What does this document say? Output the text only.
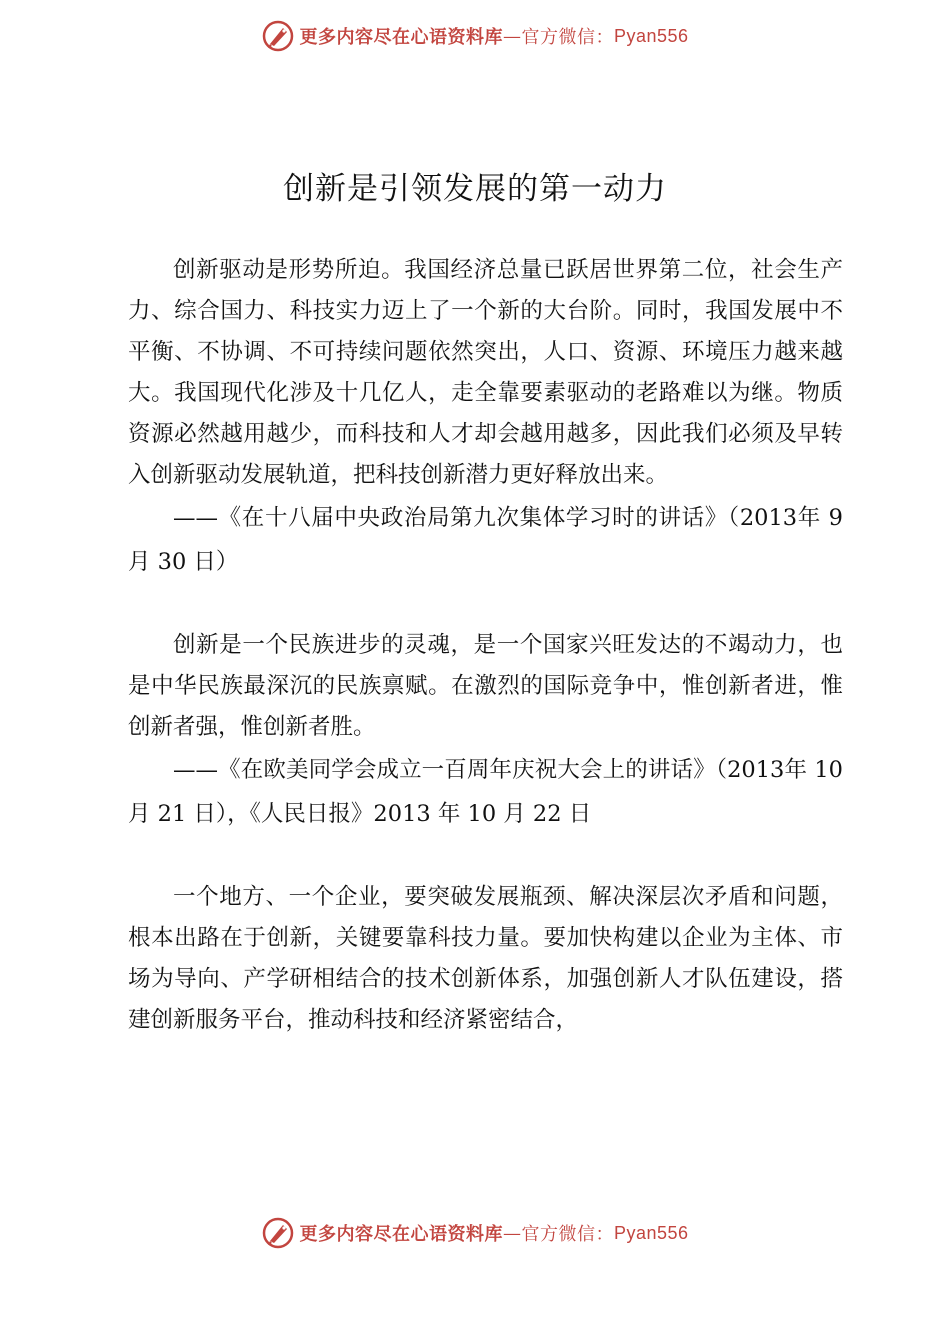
更多内容尽在心语资料库 — 官方微信： Pyan556
创新是引领发展的第一动力

创新驱动是形势所迫。我国经济总量已跃居世界第二位，社会生产力、综合国力、科技实力迈上了一个新的大台阶。同时，我国发展中不平衡、不协调、不可持续问题依然突出，人口、资源、环境压力越来越大。我国现代化涉及十几亿人，走全靠要素驱动的老路难以为继。物质资源必然越用越少，而科技和人才却会越用越多，因此我们必须及早转入创新驱动发展轨道，把科技创新潜力更好释放出来。

——《在十八届中央政治局第九次集体学习时的讲话》（2013年 9 月 30 日）

创新是一个民族进步的灵魂，是一个国家兴旺发达的不竭动力，也是中华民族最深沉的民族禀赋。在激烈的国际竞争中，惟创新者进，惟创新者强，惟创新者胜。

——《在欧美同学会成立一百周年庆祝大会上的讲话》（2013年 10 月 21 日），《人民日报》2013 年 10 月 22 日

一个地方、一个企业，要突破发展瓶颈、解决深层次矛盾和问题，根本出路在于创新，关键要靠科技力量。要加快构建以企业为主体、市场为导向、产学研相结合的技术创新体系，加强创新人才队伍建设，搭建创新服务平台，推动科技和经济紧密结合，

更多内容尽在心语资料库 — 官方微信： Pyan556
